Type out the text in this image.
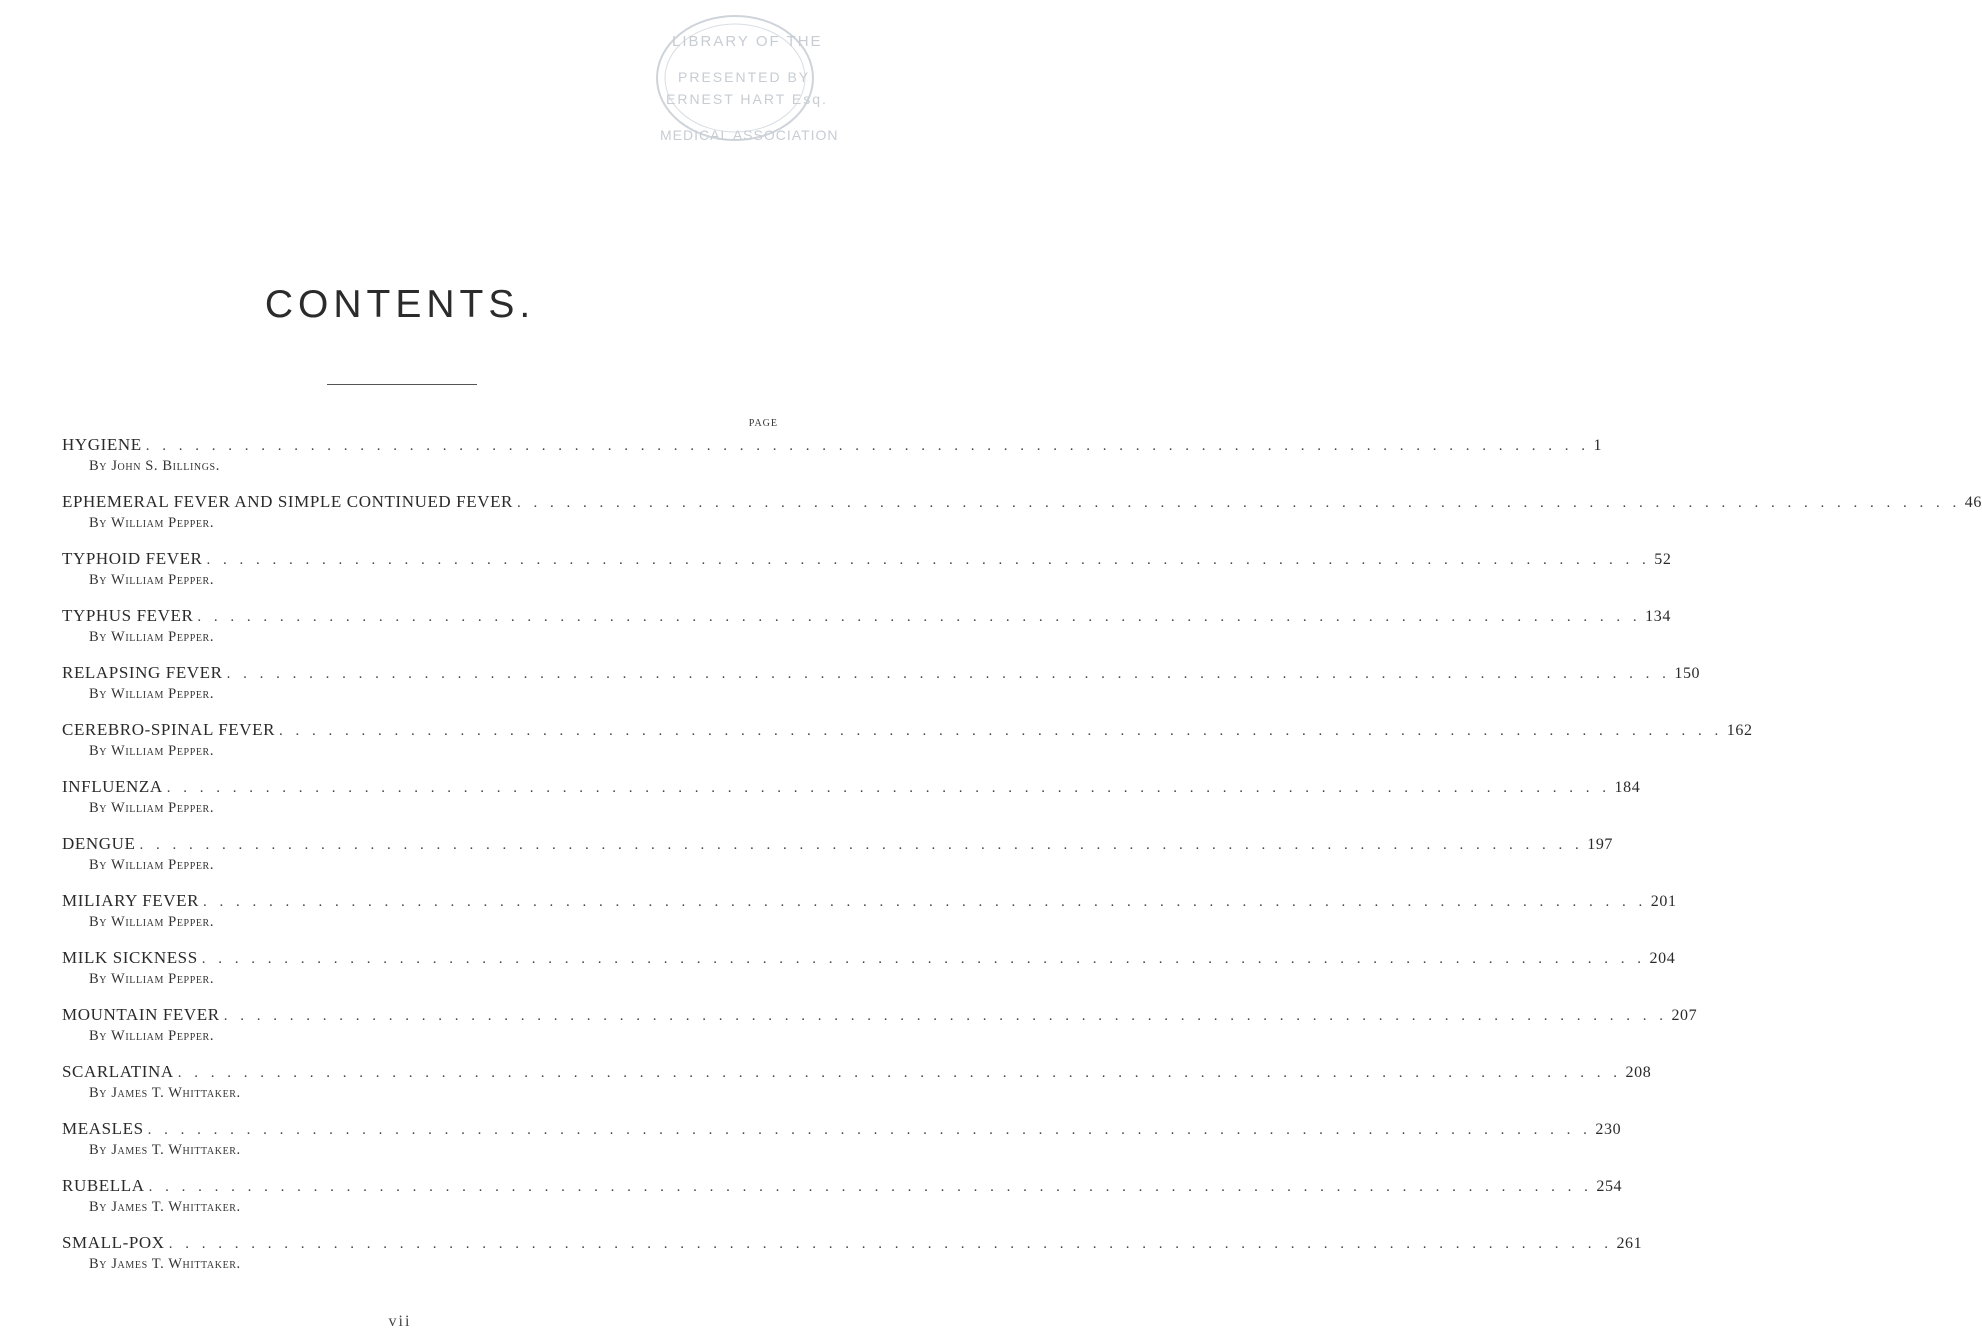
LIBRARY OF THE
PRESENTED BY
ERNEST HART Esq.
MEDICAL ASSOCIATION
CONTENTS.
PAGE
HYGIENE . . .	1
By John S. Billings.
EPHEMERAL FEVER AND SIMPLE CONTINUED FEVER . . .	46
By William Pepper.
TYPHOID FEVER . . .	52
By William Pepper.
TYPHUS FEVER . . .	134
By William Pepper.
RELAPSING FEVER . . .	150
By William Pepper.
CEREBRO-SPINAL FEVER . . .	162
By William Pepper.
INFLUENZA . . .	184
By William Pepper.
DENGUE . . .	197
By William Pepper.
MILIARY FEVER . . .	201
By William Pepper.
MILK SICKNESS . . .	204
By William Pepper.
MOUNTAIN FEVER . . .	207
By William Pepper.
SCARLATINA . . .	208
By James T. Whittaker.
MEASLES . . .	230
By James T. Whittaker.
RUBELLA . . .	254
By James T. Whittaker.
SMALL-POX . . .	261
By James T. Whittaker.
vii
